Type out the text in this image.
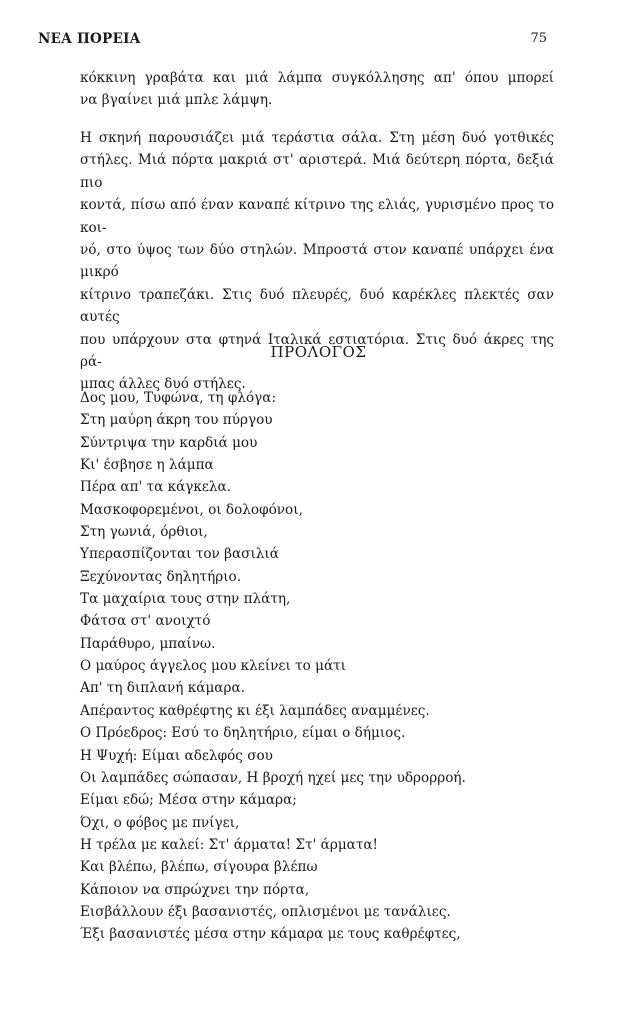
ΝΕΑ ΠΟΡΕΙΑ	75
κόκκινη γραβάτα και μιά λάμπα συγκόλλησης απ' όπου μπορεί
να βγαίνει μιά μπλε λάμψη.
Η σκηνή παρουσιάζει μιά τεράστια σάλα. Στη μέση δυό γοτθικές
στήλες. Μιά πόρτα μακριά στ' αριστερά. Μιά δεύτερη πόρτα, δεξιά πιο
κοντά, πίσω από έναν καναπέ κίτρινο της ελιάς, γυρισμένο προς το κοι-
νό, στο ύψος των δύο στηλών. Μπροστά στον καναπέ υπάρχει ένα μικρό
κίτρινο τραπεζάκι. Στις δυό πλευρές, δυό καρέκλες πλεκτές σαν αυτές
που υπάρχουν στα φτηνά Ιταλικά εστιατόρια. Στις δυό άκρες της ρά-
μπας άλλες δυό στήλες.
ΠΡΟΛΟΓΟΣ
Δος μου, Τυφώνα, τη φλόγα:
Στη μαύρη άκρη του πύργου
Σύντριψα την καρδιά μου
Κι' έσβησε η λάμπα
Πέρα απ' τα κάγκελα.
Μασκοφορεμένοι, οι δολοφόνοι,
Στη γωνιά, όρθιοι,
Υπερασπίζονται τον βασιλιά
Ξεχύνοντας δηλητήριο.
Τα μαχαίρια τους στην πλάτη,
Φάτσα στ' ανοιχτό
Παράθυρο, μπαίνω.
Ο μαύρος άγγελος μου κλείνει το μάτι
Απ' τη διπλανή κάμαρα.
Απέραντος καθρέφτης κι έξι λαμπάδες αναμμένες.
Ο Πρόεδρος: Εσύ το δηλητήριο, είμαι ο δήμιος.
Η Ψυχή: Είμαι αδελφός σου
Οι λαμπάδες σώπασαν, Η βροχή ηχεί μες την υδρορροή.
Είμαι εδώ; Μέσα στην κάμαρα;
Όχι, ο φόβος με πνίγει,
Η τρέλα με καλεί: Στ' άρματα! Στ' άρματα!
Και βλέπω, βλέπω, σίγουρα βλέπω
Κάποιον να σπρώχνει την πόρτα,
Εισβάλλουν έξι βασανιστές, οπλισμένοι με τανάλιες.
Έξι βασανιστές μέσα στην κάμαρα με τους καθρέφτες,
